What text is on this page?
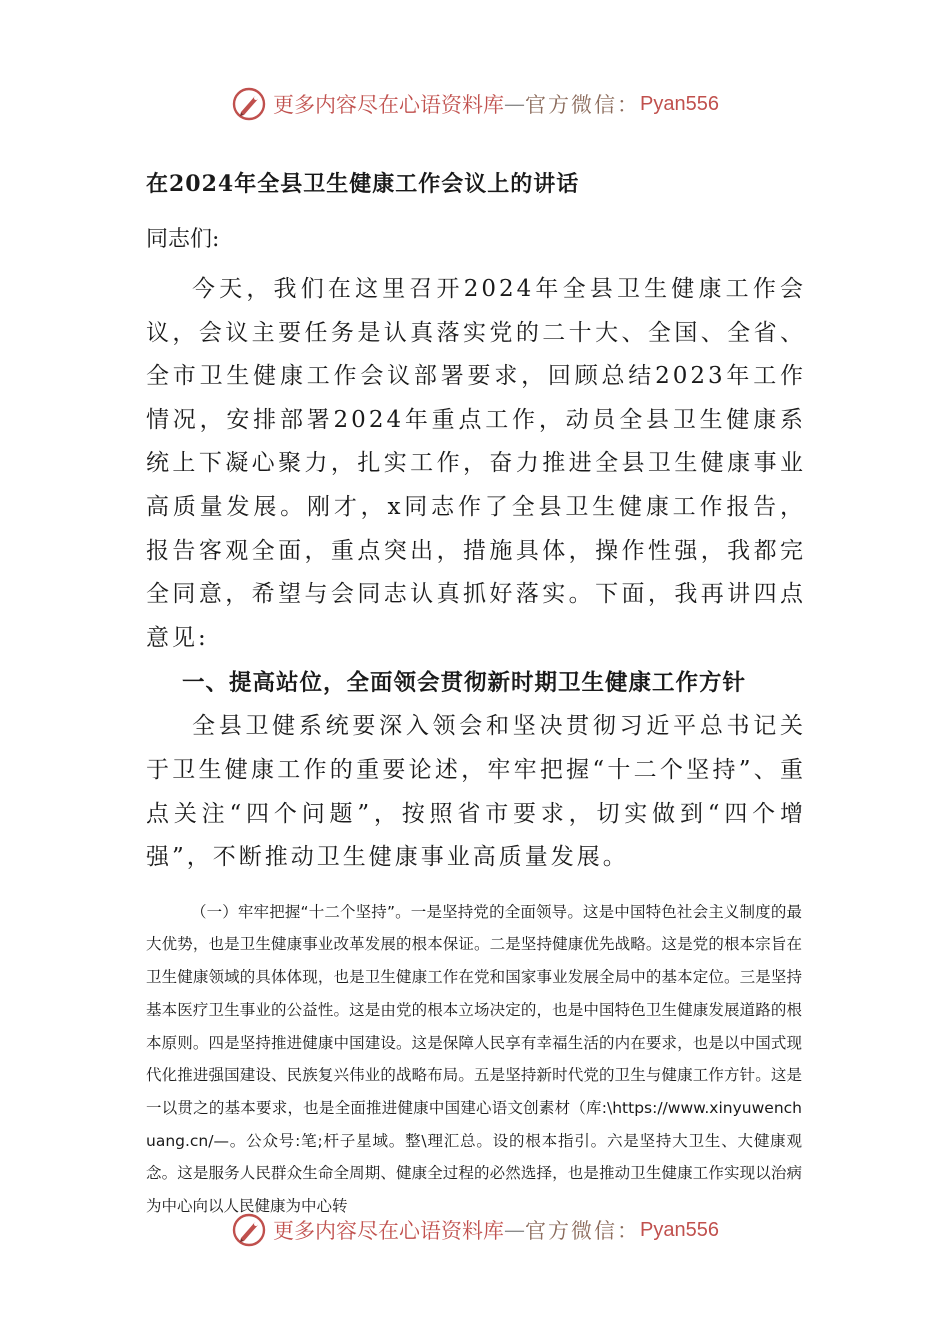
更多内容尽在心语资料库 — 官方微信： Pyan556
在2024年全县卫生健康工作会议上的讲话

同志们:

今天，我们在这里召开2024年全县卫生健康工作会议，会议主要任务是认真落实党的二十大、全国、全省、全市卫生健康工作会议部署要求，回顾总结2023年工作情况，安排部署2024年重点工作，动员全县卫生健康系统上下凝心聚力，扎实工作，奋力推进全县卫生健康事业高质量发展。刚才，x同志作了全县卫生健康工作报告，报告客观全面，重点突出，措施具体，操作性强，我都完全同意，希望与会同志认真抓好落实。下面，我再讲四点意见:

一、提高站位，全面领会贯彻新时期卫生健康工作方针

全县卫健系统要深入领会和坚决贯彻习近平总书记关于卫生健康工作的重要论述，牢牢把握“十二个坚持”、重点关注“四个问题”，按照省市要求，切实做到“四个增强”，不断推动卫生健康事业高质量发展。

（一）牢牢把握“十二个坚持”。一是坚持党的全面领导。这是中国特色社会主义制度的最大优势，也是卫生健康事业改革发展的根本保证。二是坚持健康优先战略。这是党的根本宗旨在卫生健康领域的具体体现，也是卫生健康工作在党和国家事业发展全局中的基本定位。三是坚持基本医疗卫生事业的公益性。这是由党的根本立场决定的，也是中国特色卫生健康发展道路的根本原则。四是坚持推进健康中国建设。这是保障人民享有幸福生活的内在要求，也是以中国式现代化推进强国建设、民族复兴伟业的战略布局。五是坚持新时代党的卫生与健康工作方针。这是一以贯之的基本要求，也是全面推进健康中国建心语文创素材（库:\https://www.xinyuwenchuang.cn/—。公众号:笔;杆子星域。整\理汇总。设的根本指引。六是坚持大卫生、大健康观念。这是服务人民群众生命全周期、健康全过程的必然选择，也是推动卫生健康工作实现以治病为中心向以人民健康为中心转

更多内容尽在心语资料库 — 官方微信： Pyan556
